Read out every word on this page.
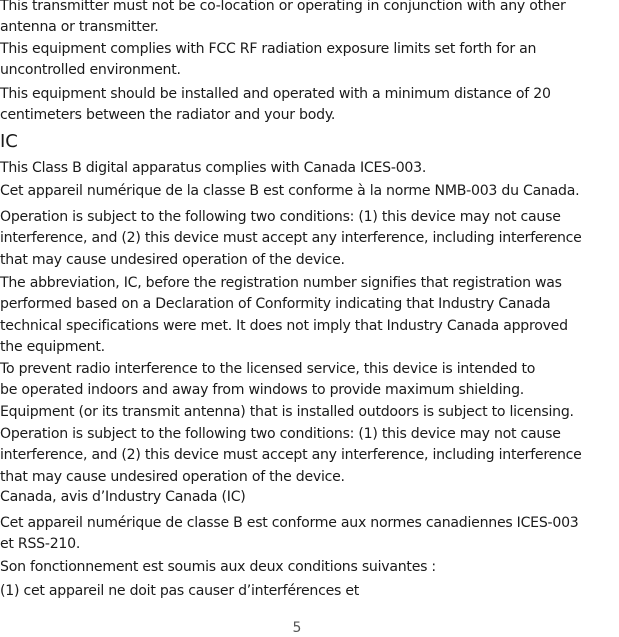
This transmitter must not be co-location or operating in conjunction with any other
antenna or transmitter.
This equipment complies with FCC RF radiation exposure limits set forth for an
uncontrolled environment.
This equipment should be installed and operated with a minimum distance of 20
centimeters between the radiator and your body.
IC
This Class B digital apparatus complies with Canada ICES-003.
Cet appareil numérique de la classe B est conforme à la norme NMB-003 du Canada.
Operation is subject to the following two conditions: (1) this device may not cause
interference, and (2) this device must accept any interference, including interference
that may cause undesired operation of the device.
The abbreviation, IC, before the registration number signifies that registration was
performed based on a Declaration of Conformity indicating that Industry Canada
technical specifications were met. It does not imply that Industry Canada approved
the equipment.
To prevent radio interference to the licensed service, this device is intended to
be operated indoors and away from windows to provide maximum shielding.
Equipment (or its transmit antenna) that is installed outdoors is subject to licensing.
Operation is subject to the following two conditions: (1) this device may not cause
interference, and (2) this device must accept any interference, including interference
that may cause undesired operation of the device.
Canada, avis d’Industry Canada (IC)
Cet appareil numérique de classe B est conforme aux normes canadiennes ICES-003
et RSS-210.
Son fonctionnement est soumis aux deux conditions suivantes :
(1) cet appareil ne doit pas causer d’interférences et
5
